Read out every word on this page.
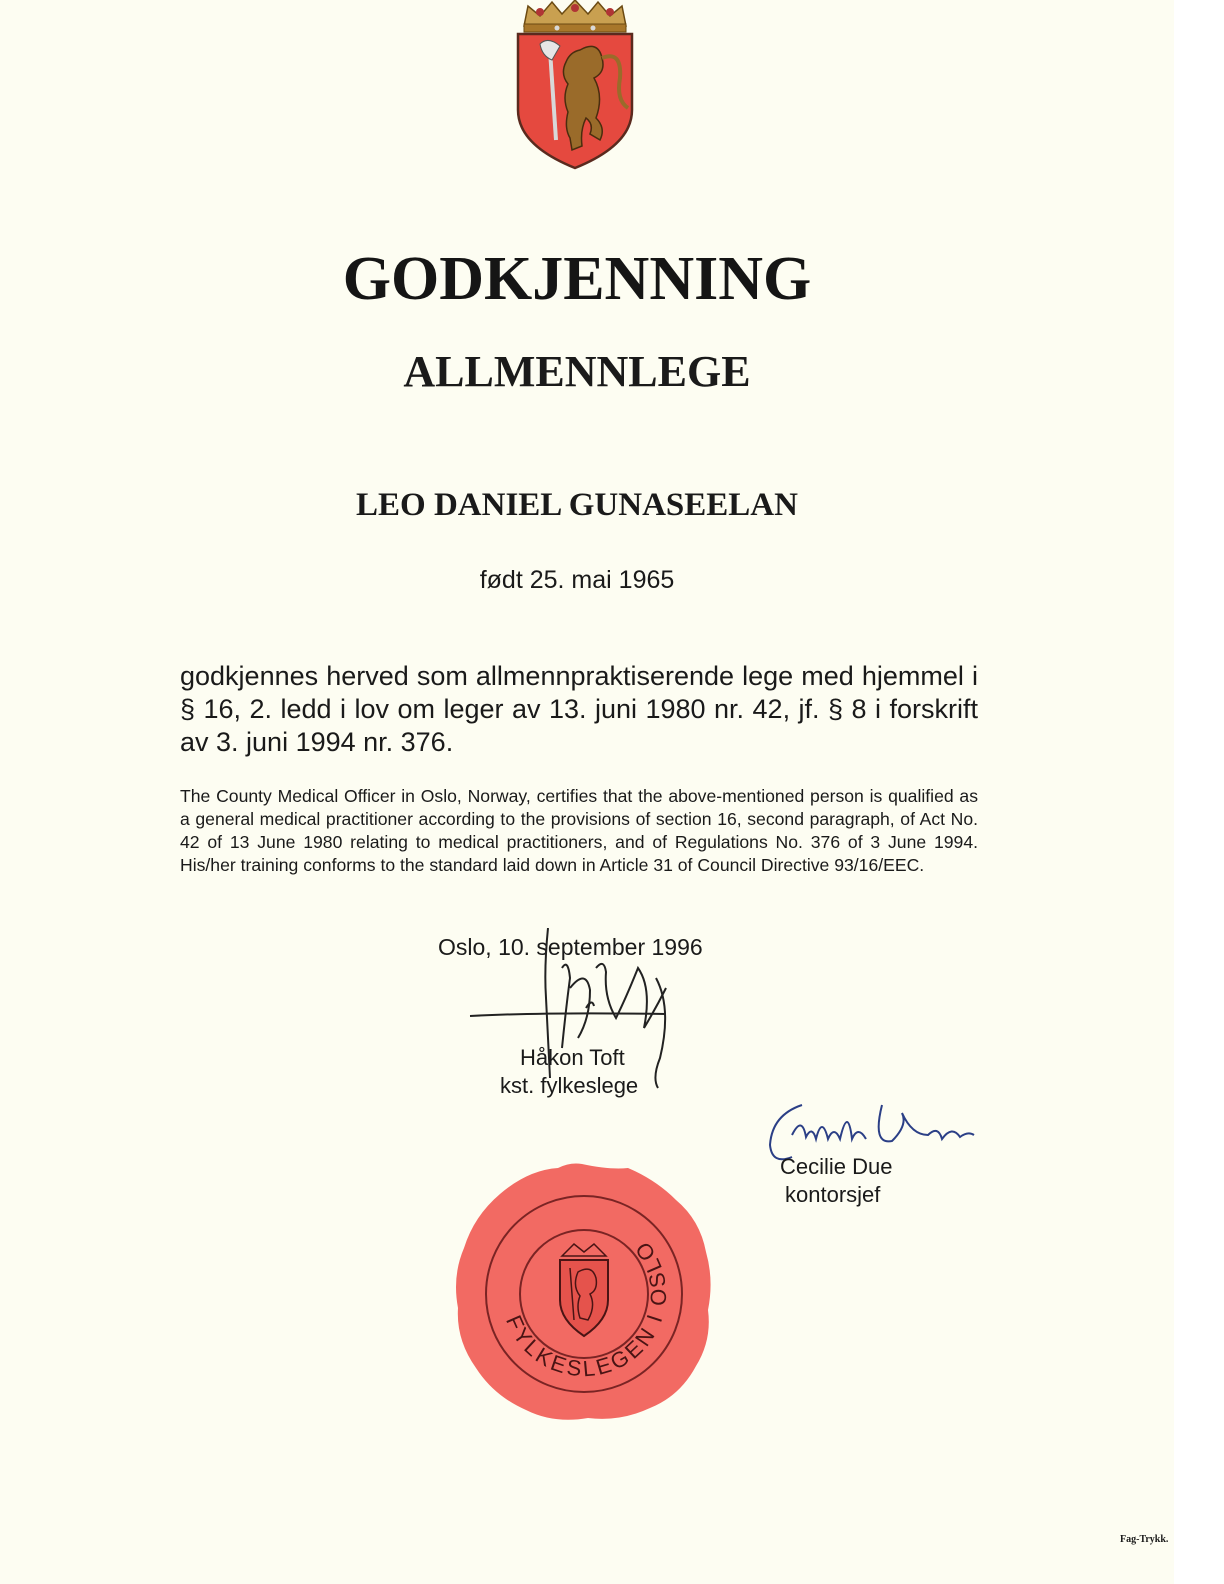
GODKJENNING
ALLMENNLEGE
LEO DANIEL GUNASEELAN
født 25. mai 1965
godkjennes herved som allmennpraktiserende lege med hjemmel i § 16, 2. ledd i lov om leger av 13. juni 1980 nr. 42, jf. § 8 i forskrift av 3. juni 1994 nr. 376.
The County Medical Officer in Oslo, Norway, certifies that the above-mentioned person is qualified as a general medical practitioner according to the provisions of section 16, second paragraph, of Act No. 42 of 13 June 1980 relating to medical practitioners, and of Regulations No. 376 of 3 June 1994. His/her training conforms to the standard laid down in Article 31 of Council Directive 93/16/EEC.
Oslo, 10. september 1996
Håkon Toft
kst. fylkeslege
Cecilie Due
kontorsjef
FYLKESLEGEN I OSLO
Fag-Trykk.
